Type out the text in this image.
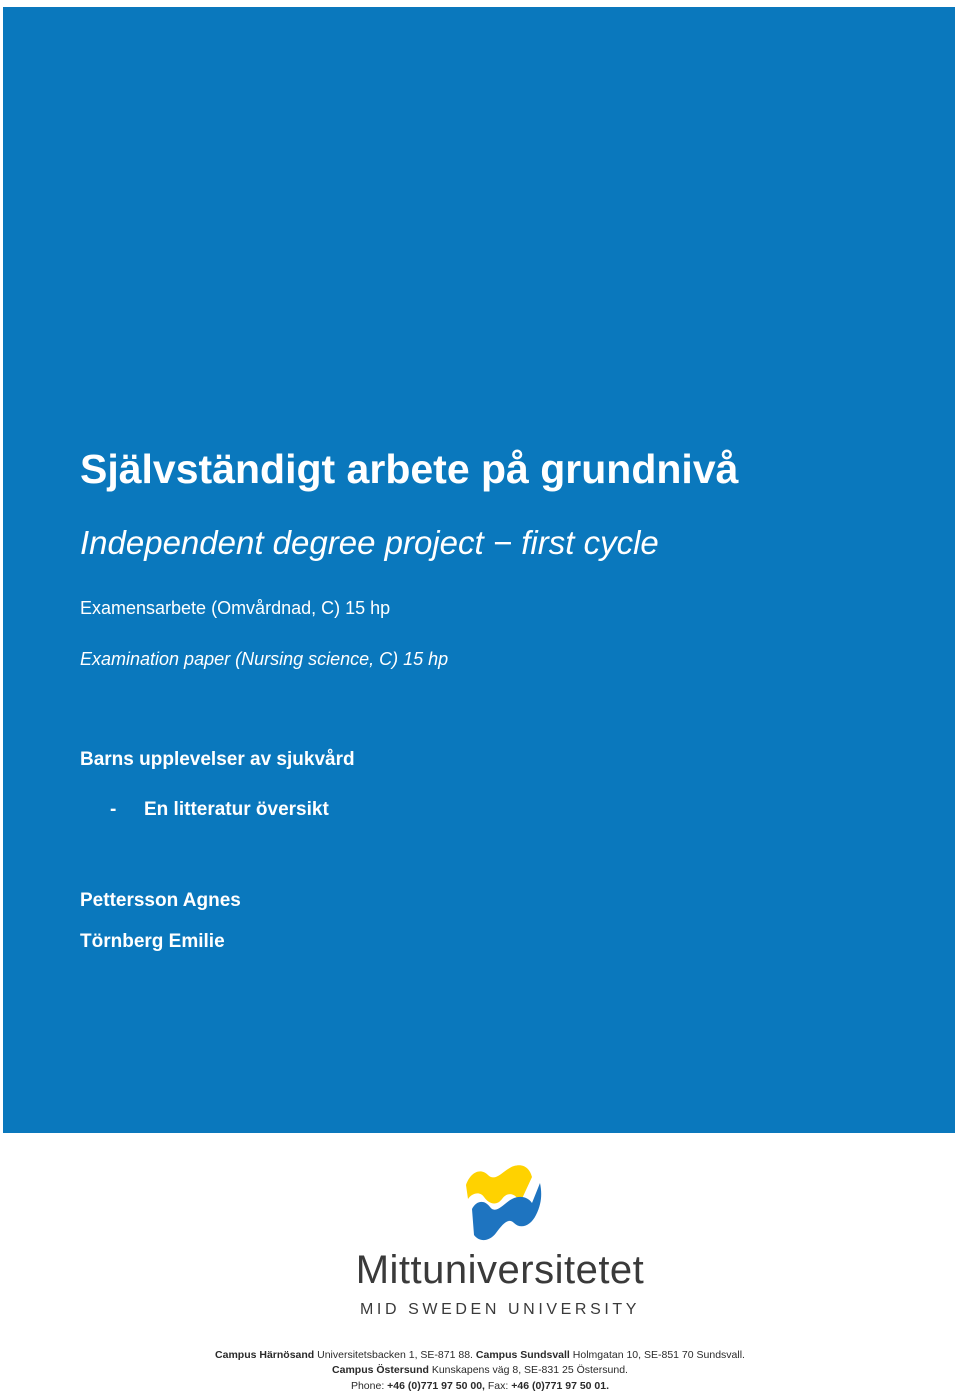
Självständigt arbete på grundnivå
Independent degree project − first cycle
Examensarbete (Omvårdnad, C) 15 hp
Examination paper (Nursing science, C) 15 hp
Barns upplevelser av sjukvård
- En litteratur översikt
Pettersson Agnes
Törnberg Emilie
Mittuniversitetet
MID SWEDEN UNIVERSITY
Campus Härnösand Universitetsbacken 1, SE-871 88. Campus Sundsvall Holmgatan 10, SE-851 70 Sundsvall.
Campus Östersund Kunskapens väg 8, SE-831 25 Östersund.
Phone: +46 (0)771 97 50 00, Fax: +46 (0)771 97 50 01.
